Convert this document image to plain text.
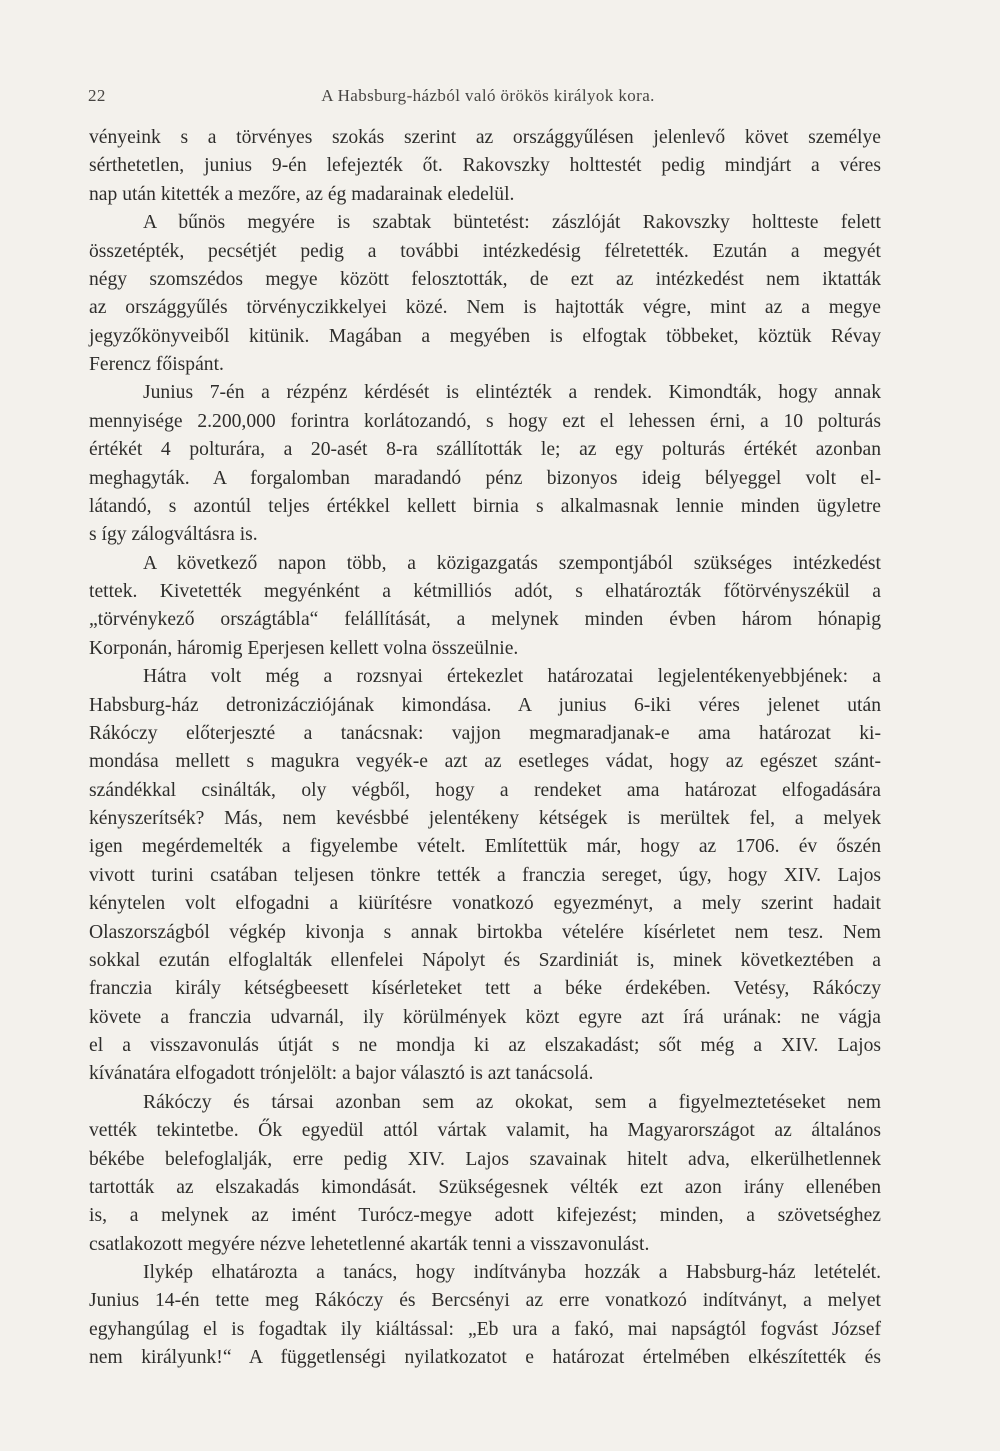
22	A Habsburg-házból való örökös királyok kora.
vényeink s a törvényes szokás szerint az országgyűlésen jelenlevő követ személye
sérthetetlen, junius 9-én lefejezték őt. Rakovszky holttestét pedig mindjárt a véres
nap után kitették a mezőre, az ég madarainak eledelül.
A bűnös megyére is szabtak büntetést: zászlóját Rakovszky holtteste felett
összetépték, pecsétjét pedig a további intézkedésig félretették. Ezután a megyét
négy szomszédos megye között felosztották, de ezt az intézkedést nem iktatták
az országgyűlés törvényczikkelyei közé. Nem is hajtották végre, mint az a megye
jegyzőkönyveiből kitünik. Magában a megyében is elfogtak többeket, köztük Révay
Ferencz főispánt.
Junius 7-én a rézpénz kérdését is elintézték a rendek. Kimondták, hogy annak
mennyisége 2.200,000 forintra korlátozandó, s hogy ezt el lehessen érni, a 10 polturás
értékét 4 polturára, a 20-asét 8-ra szállították le; az egy polturás értékét azonban
meghagyták. A forgalomban maradandó pénz bizonyos ideig bélyeggel volt el-
látandó, s azontúl teljes értékkel kellett birnia s alkalmasnak lennie minden ügyletre
s így zálogváltásra is.
A következő napon több, a közigazgatás szempontjából szükséges intézkedést
tettek. Kivetették megyénként a kétmilliós adót, s elhatározták főtörvényszékül a
„törvénykező országtábla“ felállítását, a melynek minden évben három hónapig
Korponán, háromig Eperjesen kellett volna összeülnie.
Hátra volt még a rozsnyai értekezlet határozatai legjelentékenyebbjének: a
Habsburg-ház detronizácziójának kimondása. A junius 6-iki véres jelenet után
Rákóczy előterjeszté a tanácsnak: vajjon megmaradjanak-e ama határozat ki-
mondása mellett s magukra vegyék-e azt az esetleges vádat, hogy az egészet szánt-
szándékkal csinálták, oly végből, hogy a rendeket ama határozat elfogadására
kényszerítsék? Más, nem kevésbbé jelentékeny kétségek is merültek fel, a melyek
igen megérdemelték a figyelembe vételt. Említettük már, hogy az 1706. év őszén
vivott turini csatában teljesen tönkre tették a franczia sereget, úgy, hogy XIV. Lajos
kénytelen volt elfogadni a kiürítésre vonatkozó egyezményt, a mely szerint hadait
Olaszországból végkép kivonja s annak birtokba vételére kísérletet nem tesz. Nem
sokkal ezután elfoglalták ellenfelei Nápolyt és Szardiniát is, minek következtében a
franczia király kétségbeesett kísérleteket tett a béke érdekében. Vetésy, Rákóczy
követe a franczia udvarnál, ily körülmények közt egyre azt írá urának: ne vágja
el a visszavonulás útját s ne mondja ki az elszakadást; sőt még a XIV. Lajos
kívánatára elfogadott trónjelölt: a bajor választó is azt tanácsolá.
Rákóczy és társai azonban sem az okokat, sem a figyelmeztetéseket nem
vették tekintetbe. Ők egyedül attól vártak valamit, ha Magyarországot az általános
békébe belefoglalják, erre pedig XIV. Lajos szavainak hitelt adva, elkerülhetlennek
tartották az elszakadás kimondását. Szükségesnek vélték ezt azon irány ellenében
is, a melynek az imént Turócz-megye adott kifejezést; minden, a szövetséghez
csatlakozott megyére nézve lehetetlenné akarták tenni a visszavonulást.
Ilykép elhatározta a tanács, hogy indítványba hozzák a Habsburg-ház letételét.
Junius 14-én tette meg Rákóczy és Bercsényi az erre vonatkozó indítványt, a melyet
egyhangúlag el is fogadtak ily kiáltással: „Eb ura a fakó, mai napságtól fogvást József
nem királyunk!“ A függetlenségi nyilatkozatot e határozat értelmében elkészítették és
